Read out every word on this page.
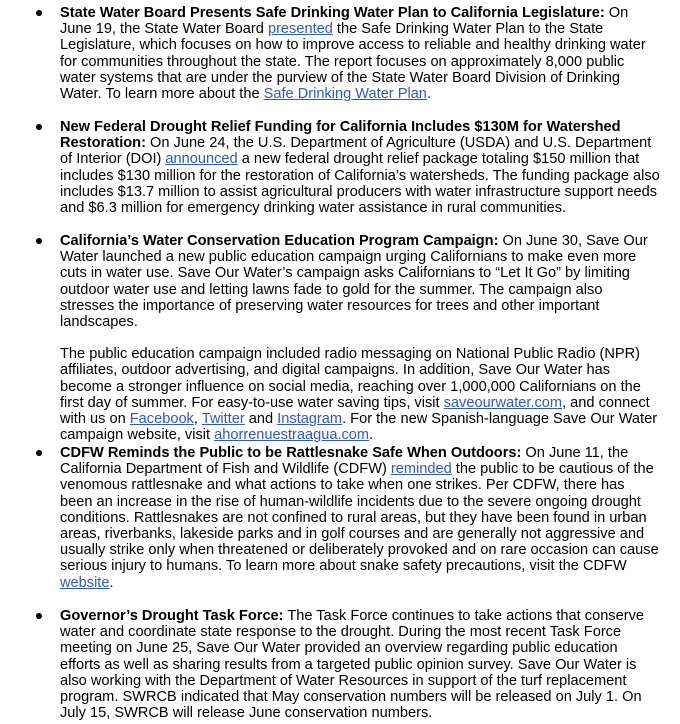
State Water Board Presents Safe Drinking Water Plan to California Legislature: On June 19, the State Water Board presented the Safe Drinking Water Plan to the State Legislature, which focuses on how to improve access to reliable and healthy drinking water for communities throughout the state. The report focuses on approximately 8,000 public water systems that are under the purview of the State Water Board Division of Drinking Water. To learn more about the Safe Drinking Water Plan.

New Federal Drought Relief Funding for California Includes $130M for Watershed Restoration: On June 24, the U.S. Department of Agriculture (USDA) and U.S. Department of Interior (DOI) announced a new federal drought relief package totaling $150 million that includes $130 million for the restoration of California’s watersheds. The funding package also includes $13.7 million to assist agricultural producers with water infrastructure support needs and $6.3 million for emergency drinking water assistance in rural communities.

California’s Water Conservation Education Program Campaign: On June 30, Save Our Water launched a new public education campaign urging Californians to make even more cuts in water use. Save Our Water’s campaign asks Californians to “Let It Go” by limiting outdoor water use and letting lawns fade to gold for the summer. The campaign also stresses the importance of preserving water resources for trees and other important landscapes.

The public education campaign included radio messaging on National Public Radio (NPR) affiliates, outdoor advertising, and digital campaigns. In addition, Save Our Water has become a stronger influence on social media, reaching over 1,000,000 Californians on the first day of summer. For easy-to-use water saving tips, visit saveourwater.com, and connect with us on Facebook, Twitter and Instagram. For the new Spanish-language Save Our Water campaign website, visit ahorrenuestraagua.com.

CDFW Reminds the Public to be Rattlesnake Safe When Outdoors: On June 11, the California Department of Fish and Wildlife (CDFW) reminded the public to be cautious of the venomous rattlesnake and what actions to take when one strikes. Per CDFW, there has been an increase in the rise of human-wildlife incidents due to the severe ongoing drought conditions. Rattlesnakes are not confined to rural areas, but they have been found in urban areas, riverbanks, lakeside parks and in golf courses and are generally not aggressive and usually strike only when threatened or deliberately provoked and on rare occasion can cause serious injury to humans. To learn more about snake safety precautions, visit the CDFW website.

Governor’s Drought Task Force: The Task Force continues to take actions that conserve water and coordinate state response to the drought. During the most recent Task Force meeting on June 25, Save Our Water provided an overview regarding public education efforts as well as sharing results from a targeted public opinion survey. Save Our Water is also working with the Department of Water Resources in support of the turf replacement program. SWRCB indicated that May conservation numbers will be released on July 1. On July 15, SWRCB will release June conservation numbers.
